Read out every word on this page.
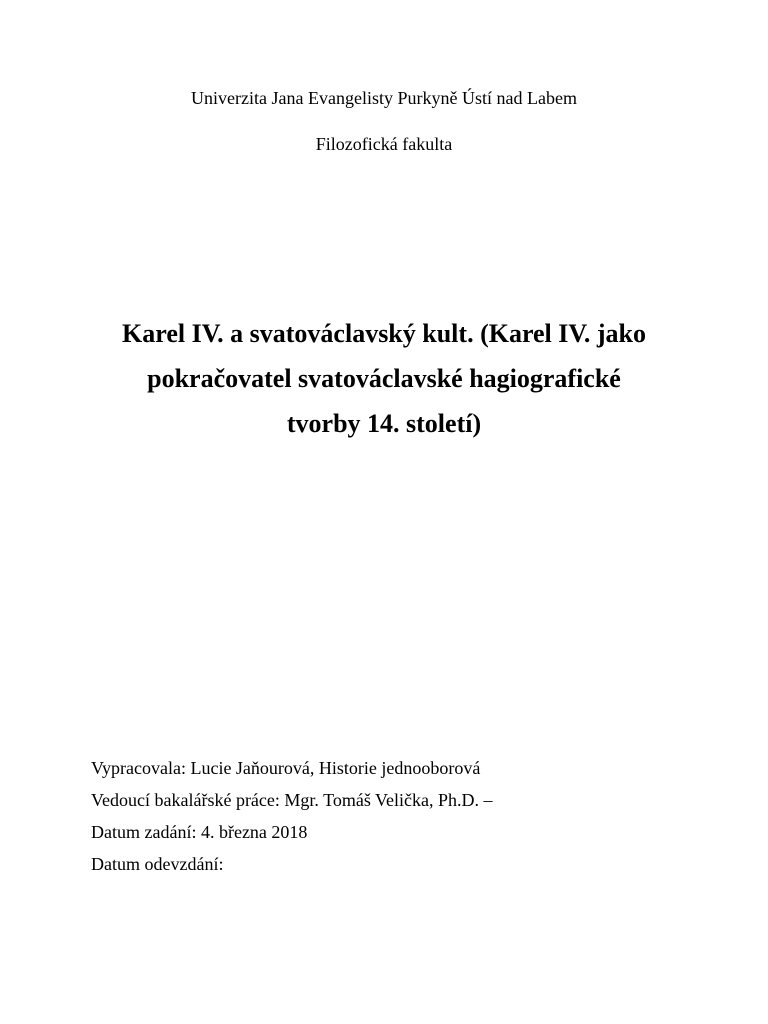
Univerzita Jana Evangelisty Purkyně Ústí nad Labem
Filozofická fakulta
Karel IV. a svatováclavský kult. (Karel IV. jako
pokračovatel svatováclavské hagiografické
tvorby 14. století)
Vypracovala: Lucie Jaňourová, Historie jednooborová
Vedoucí bakalářské práce: Mgr. Tomáš Velička, Ph.D. –
Datum zadání: 4. března 2018
Datum odevzdání:
